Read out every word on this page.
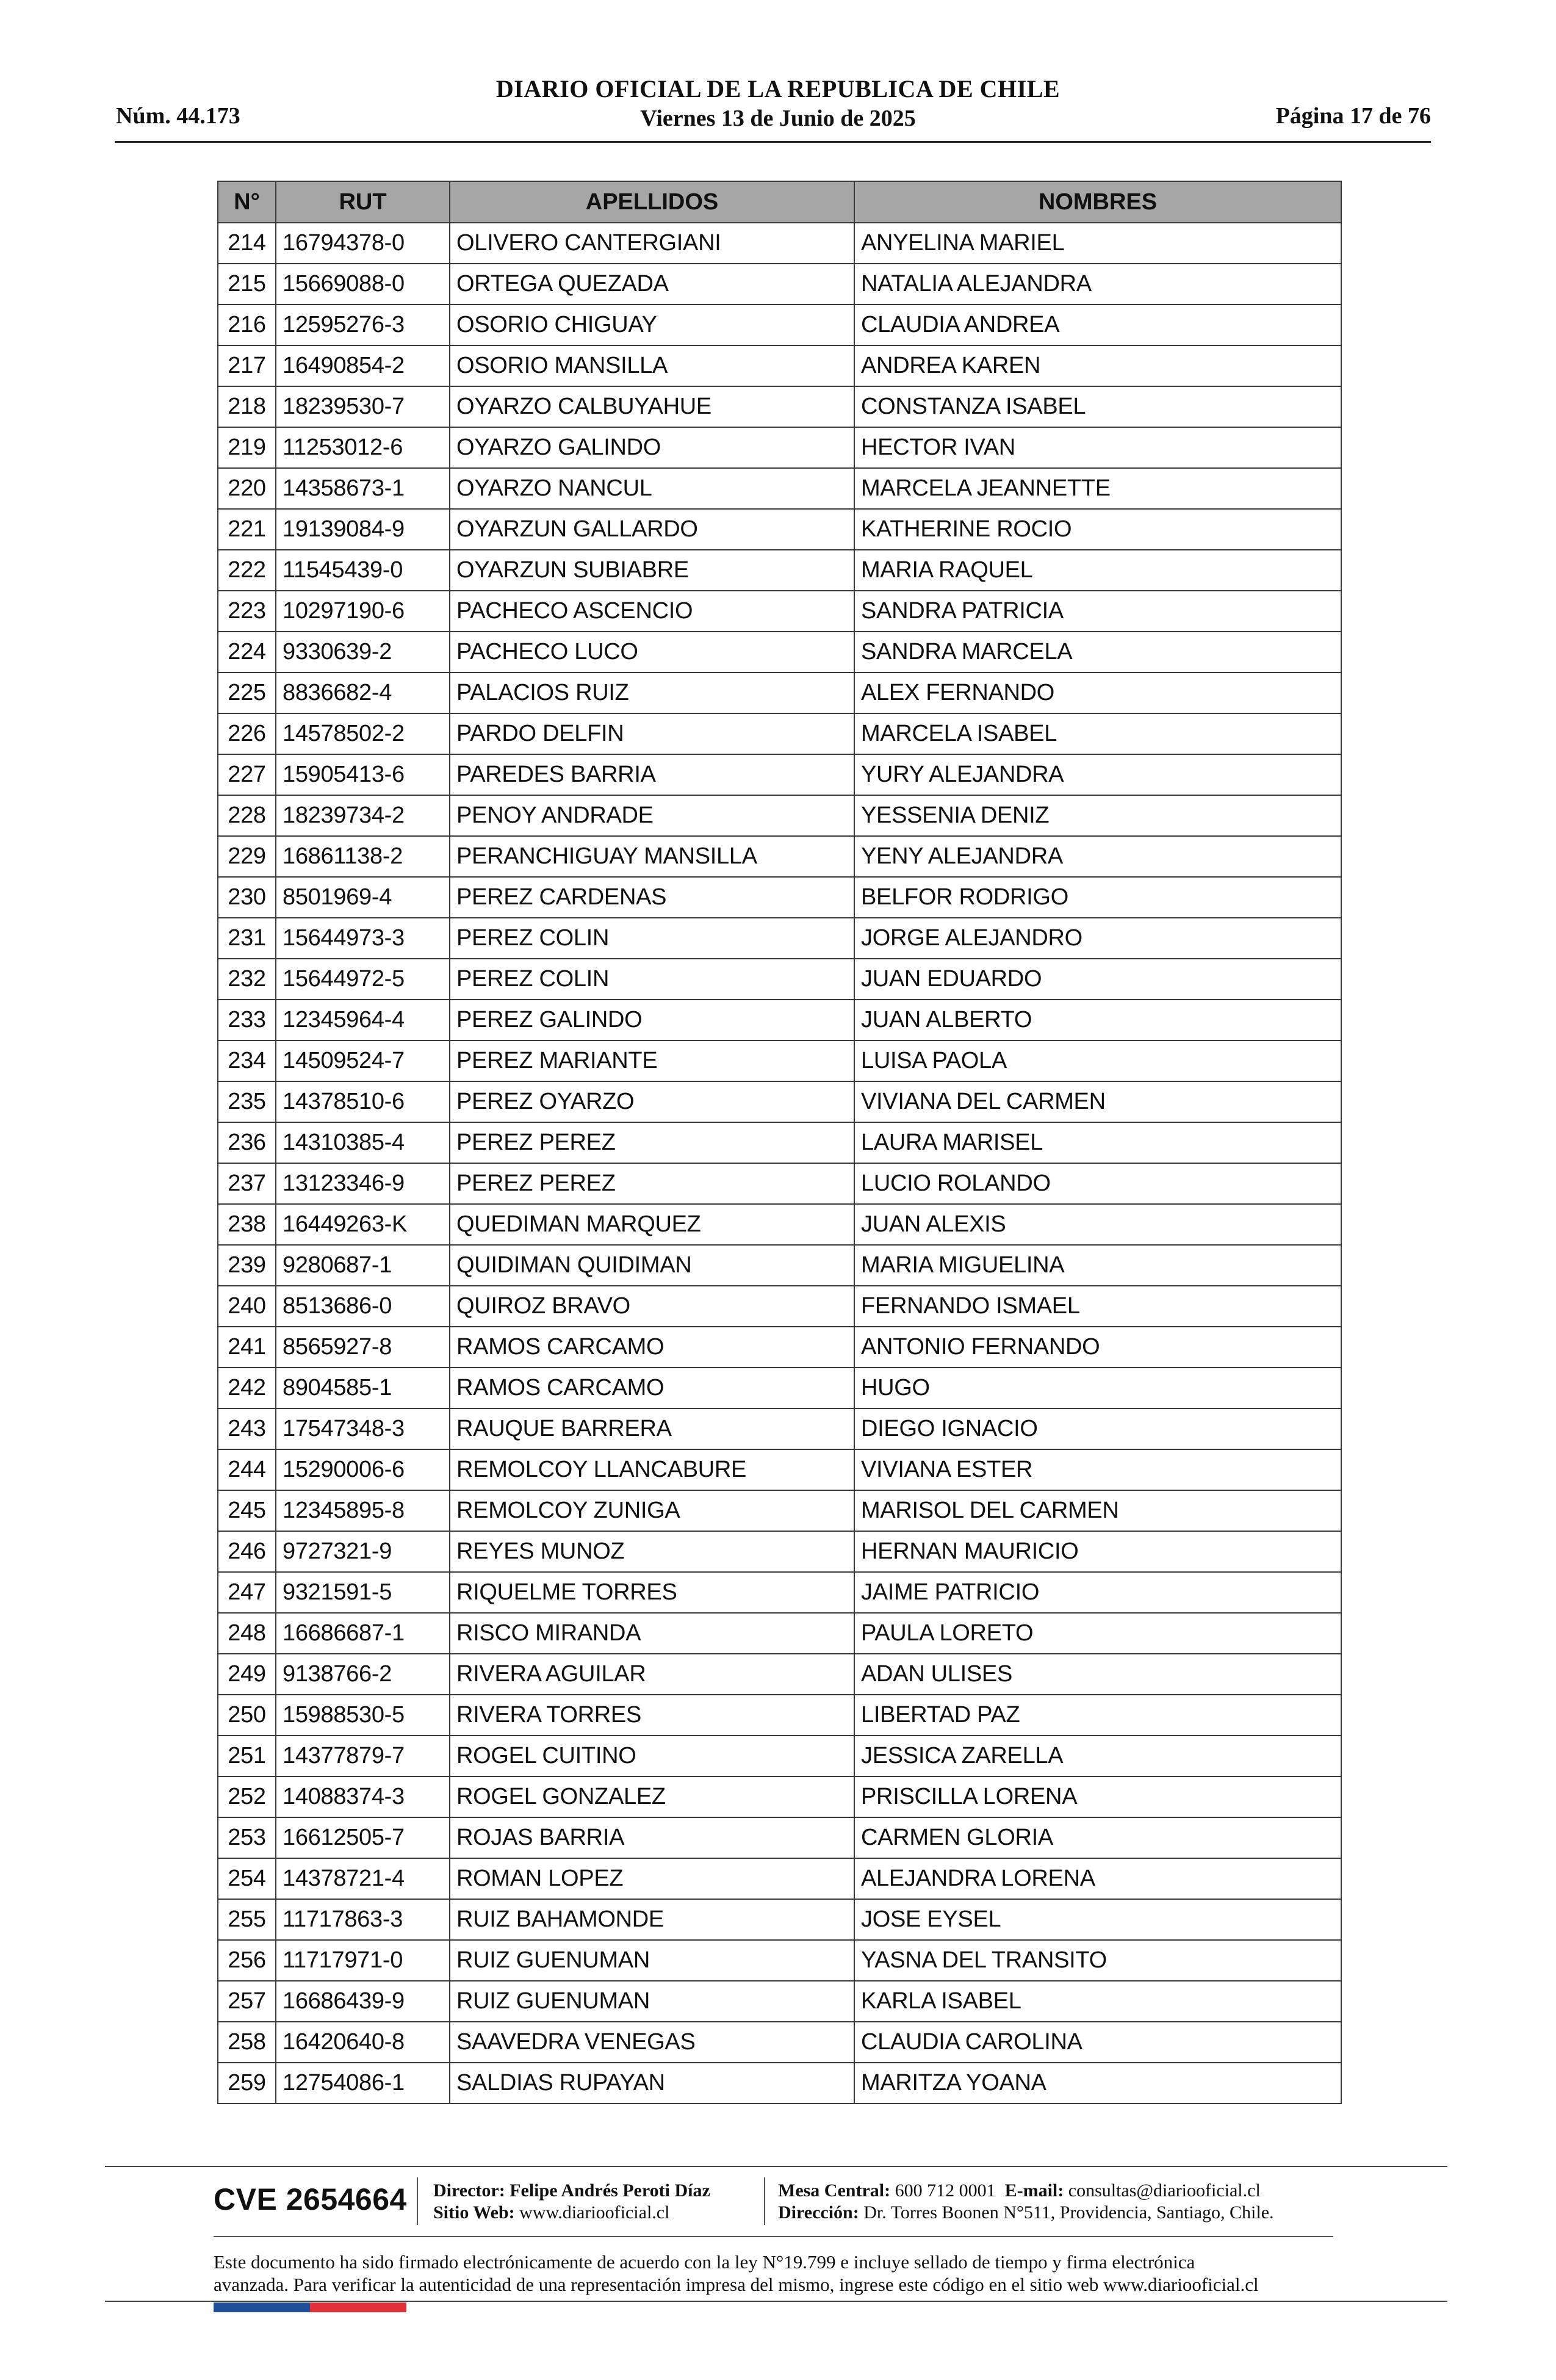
Núm. 44.173
DIARIO OFICIAL DE LA REPUBLICA DE CHILE
Viernes 13 de Junio de 2025	Página 17 de 76
N°	RUT	APELLIDOS	NOMBRES
214	16794378-0	OLIVERO CANTERGIANI	ANYELINA MARIEL
215	15669088-0	ORTEGA QUEZADA	NATALIA ALEJANDRA
216	12595276-3	OSORIO CHIGUAY	CLAUDIA ANDREA
217	16490854-2	OSORIO MANSILLA	ANDREA KAREN
218	18239530-7	OYARZO CALBUYAHUE	CONSTANZA ISABEL
219	11253012-6	OYARZO GALINDO	HECTOR IVAN
220	14358673-1	OYARZO NANCUL	MARCELA JEANNETTE
221	19139084-9	OYARZUN GALLARDO	KATHERINE ROCIO
222	11545439-0	OYARZUN SUBIABRE	MARIA RAQUEL
223	10297190-6	PACHECO ASCENCIO	SANDRA PATRICIA
224	9330639-2	PACHECO LUCO	SANDRA MARCELA
225	8836682-4	PALACIOS RUIZ	ALEX FERNANDO
226	14578502-2	PARDO DELFIN	MARCELA ISABEL
227	15905413-6	PAREDES BARRIA	YURY ALEJANDRA
228	18239734-2	PENOY ANDRADE	YESSENIA DENIZ
229	16861138-2	PERANCHIGUAY MANSILLA	YENY ALEJANDRA
230	8501969-4	PEREZ CARDENAS	BELFOR RODRIGO
231	15644973-3	PEREZ COLIN	JORGE ALEJANDRO
232	15644972-5	PEREZ COLIN	JUAN EDUARDO
233	12345964-4	PEREZ GALINDO	JUAN ALBERTO
234	14509524-7	PEREZ MARIANTE	LUISA PAOLA
235	14378510-6	PEREZ OYARZO	VIVIANA DEL CARMEN
236	14310385-4	PEREZ PEREZ	LAURA MARISEL
237	13123346-9	PEREZ PEREZ	LUCIO ROLANDO
238	16449263-K	QUEDIMAN MARQUEZ	JUAN ALEXIS
239	9280687-1	QUIDIMAN QUIDIMAN	MARIA MIGUELINA
240	8513686-0	QUIROZ BRAVO	FERNANDO ISMAEL
241	8565927-8	RAMOS CARCAMO	ANTONIO FERNANDO
242	8904585-1	RAMOS CARCAMO	HUGO
243	17547348-3	RAUQUE BARRERA	DIEGO IGNACIO
244	15290006-6	REMOLCOY LLANCABURE	VIVIANA ESTER
245	12345895-8	REMOLCOY ZUNIGA	MARISOL DEL CARMEN
246	9727321-9	REYES MUNOZ	HERNAN MAURICIO
247	9321591-5	RIQUELME TORRES	JAIME PATRICIO
248	16686687-1	RISCO MIRANDA	PAULA LORETO
249	9138766-2	RIVERA AGUILAR	ADAN ULISES
250	15988530-5	RIVERA TORRES	LIBERTAD PAZ
251	14377879-7	ROGEL CUITINO	JESSICA ZARELLA
252	14088374-3	ROGEL GONZALEZ	PRISCILLA LORENA
253	16612505-7	ROJAS BARRIA	CARMEN GLORIA
254	14378721-4	ROMAN LOPEZ	ALEJANDRA LORENA
255	11717863-3	RUIZ BAHAMONDE	JOSE EYSEL
256	11717971-0	RUIZ GUENUMAN	YASNA DEL TRANSITO
257	16686439-9	RUIZ GUENUMAN	KARLA ISABEL
258	16420640-8	SAAVEDRA VENEGAS	CLAUDIA CAROLINA
259	12754086-1	SALDIAS RUPAYAN	MARITZA YOANA
CVE 2654664 Director: Felipe Andrés Peroti Díaz
Sitio Web: www.diariooficial.cl
Mesa Central: 600 712 0001 E-mail: consultas@diariooficial.cl
Dirección: Dr. Torres Boonen N°511, Providencia, Santiago, Chile.
Este documento ha sido firmado electrónicamente de acuerdo con la ley N°19.799 e incluye sellado de tiempo y firma electrónica
avanzada. Para verificar la autenticidad de una representación impresa del mismo, ingrese este código en el sitio web www.diariooficial.cl
